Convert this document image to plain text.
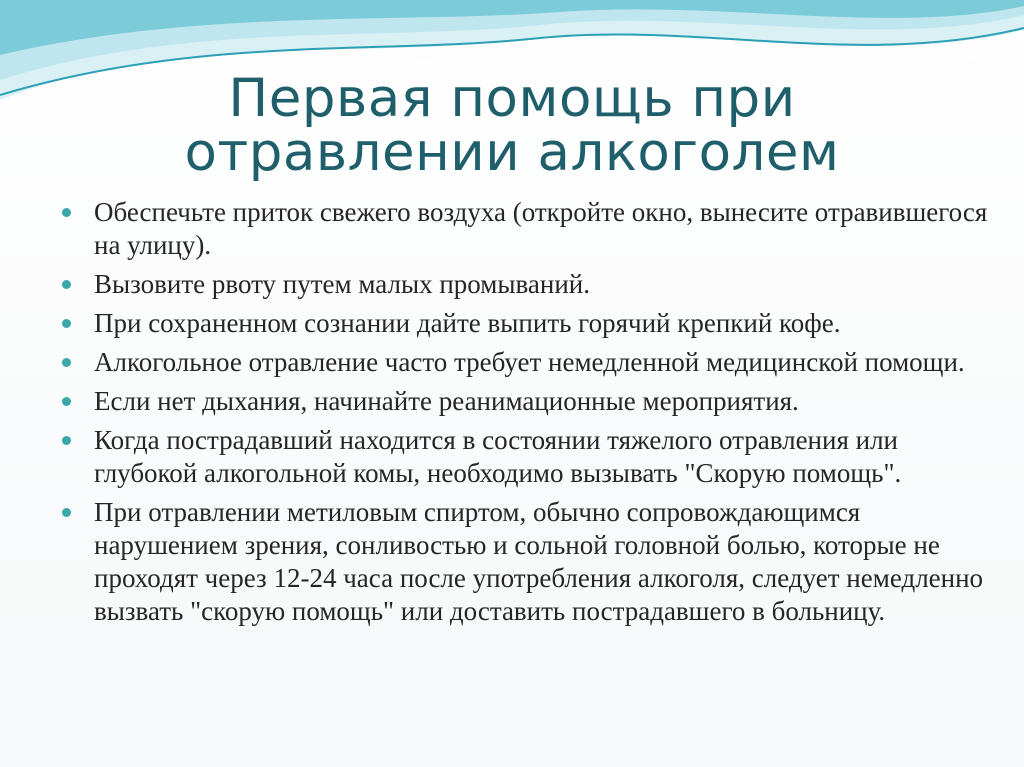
Первая помощь при
отравлении алкоголем
Обеспечьте приток свежего воздуха (откройте окно, вынесите отравившегося на улицу).
Вызовите рвоту путем малых промываний.
При сохраненном сознании дайте выпить горячий крепкий кофе.
Алкогольное отравление часто требует немедленной медицинской помощи.
Если нет дыхания, начинайте реанимационные мероприятия.
Когда пострадавший находится в состоянии тяжелого отравления или глубокой алкогольной комы, необходимо вызывать "Скорую помощь".
При отравлении метиловым спиртом, обычно сопровождающимся нарушением зрения, сонливостью и сольной головной болью, которые не проходят через 12-24 часа после употребления алкоголя, следует немедленно вызвать "скорую помощь" или доставить пострадавшего в больницу.
